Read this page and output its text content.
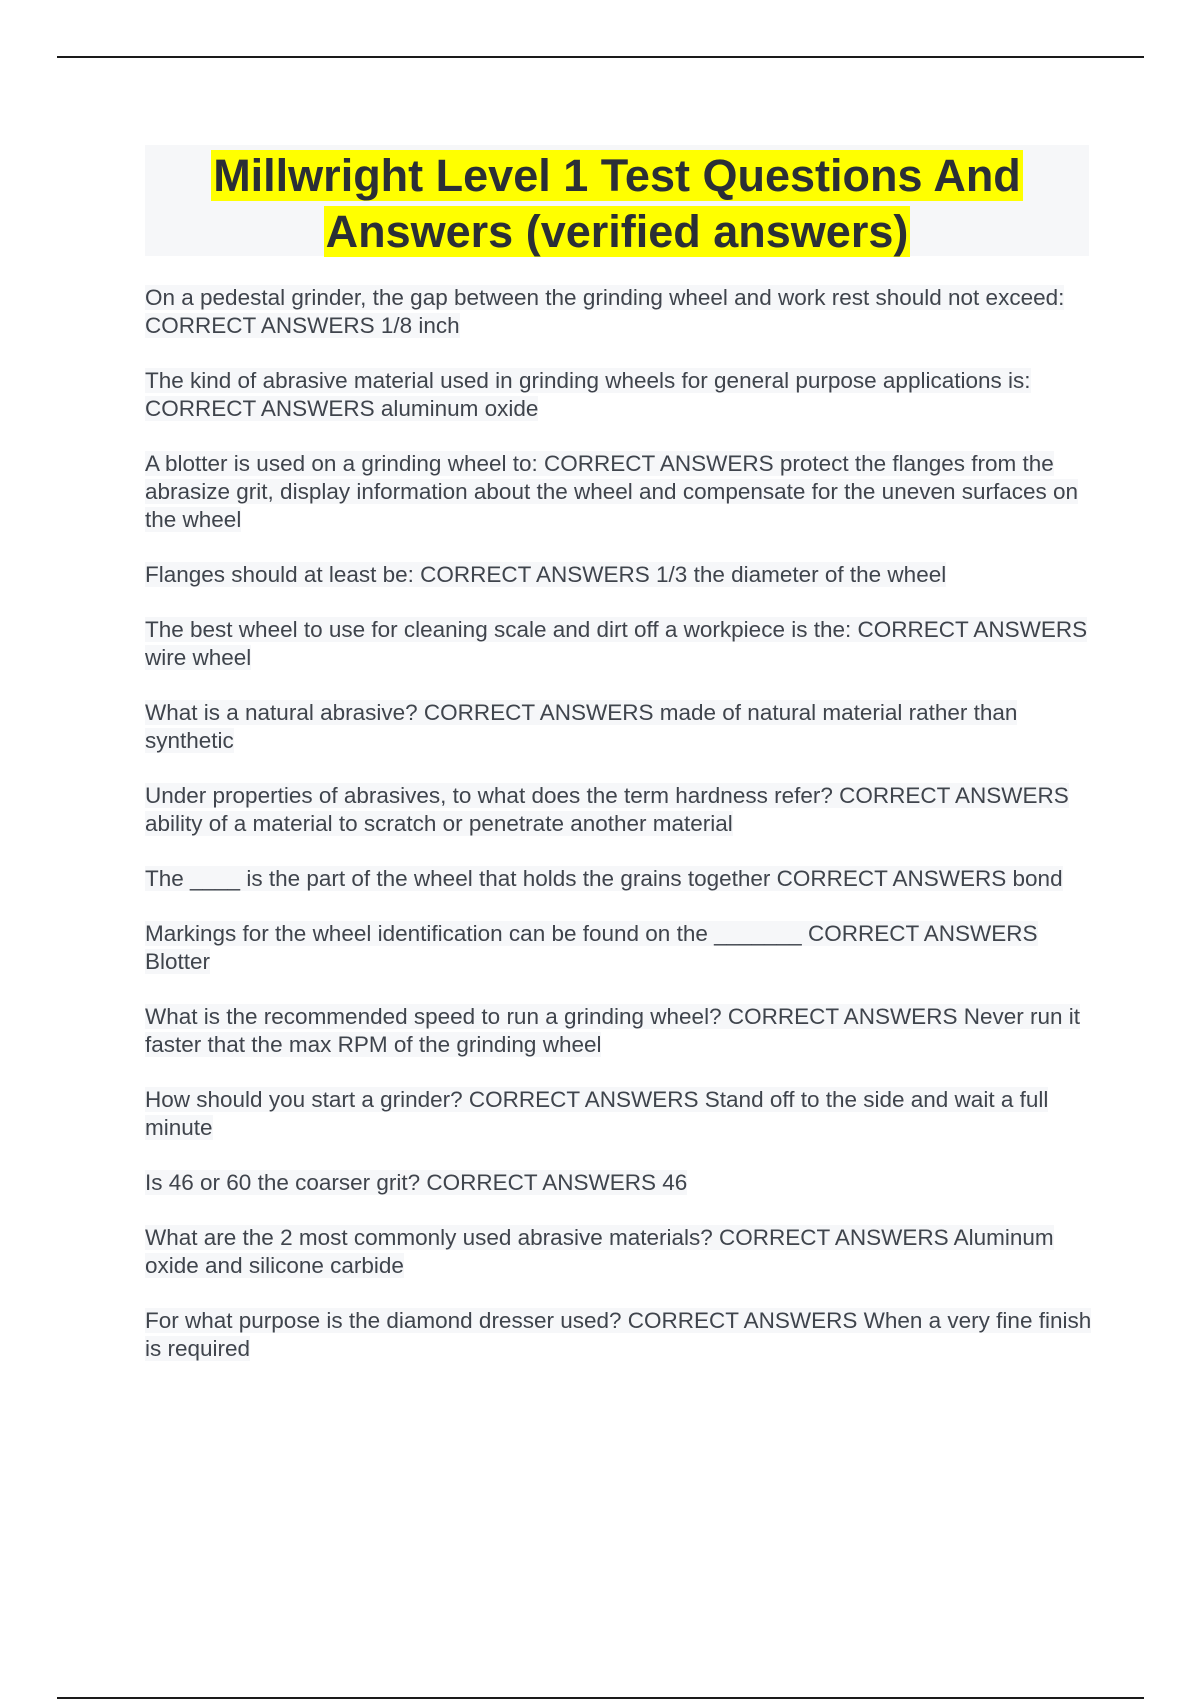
Millwright Level 1 Test Questions And Answers (verified answers)
On a pedestal grinder, the gap between the grinding wheel and work rest should not exceed: CORRECT ANSWERS 1/8 inch
The kind of abrasive material used in grinding wheels for general purpose applications is: CORRECT ANSWERS aluminum oxide
A blotter is used on a grinding wheel to: CORRECT ANSWERS protect the flanges from the abrasize grit, display information about the wheel and compensate for the uneven surfaces on the wheel
Flanges should at least be: CORRECT ANSWERS 1/3 the diameter of the wheel
The best wheel to use for cleaning scale and dirt off a workpiece is the: CORRECT ANSWERS wire wheel
What is a natural abrasive? CORRECT ANSWERS made of natural material rather than synthetic
Under properties of abrasives, to what does the term hardness refer? CORRECT ANSWERS ability of a material to scratch or penetrate another material
The ____ is the part of the wheel that holds the grains together CORRECT ANSWERS bond
Markings for the wheel identification can be found on the _______ CORRECT ANSWERS Blotter
What is the recommended speed to run a grinding wheel? CORRECT ANSWERS Never run it faster that the max RPM of the grinding wheel
How should you start a grinder? CORRECT ANSWERS Stand off to the side and wait a full minute
Is 46 or 60 the coarser grit? CORRECT ANSWERS 46
What are the 2 most commonly used abrasive materials? CORRECT ANSWERS Aluminum oxide and silicone carbide
For what purpose is the diamond dresser used? CORRECT ANSWERS When a very fine finish is required
